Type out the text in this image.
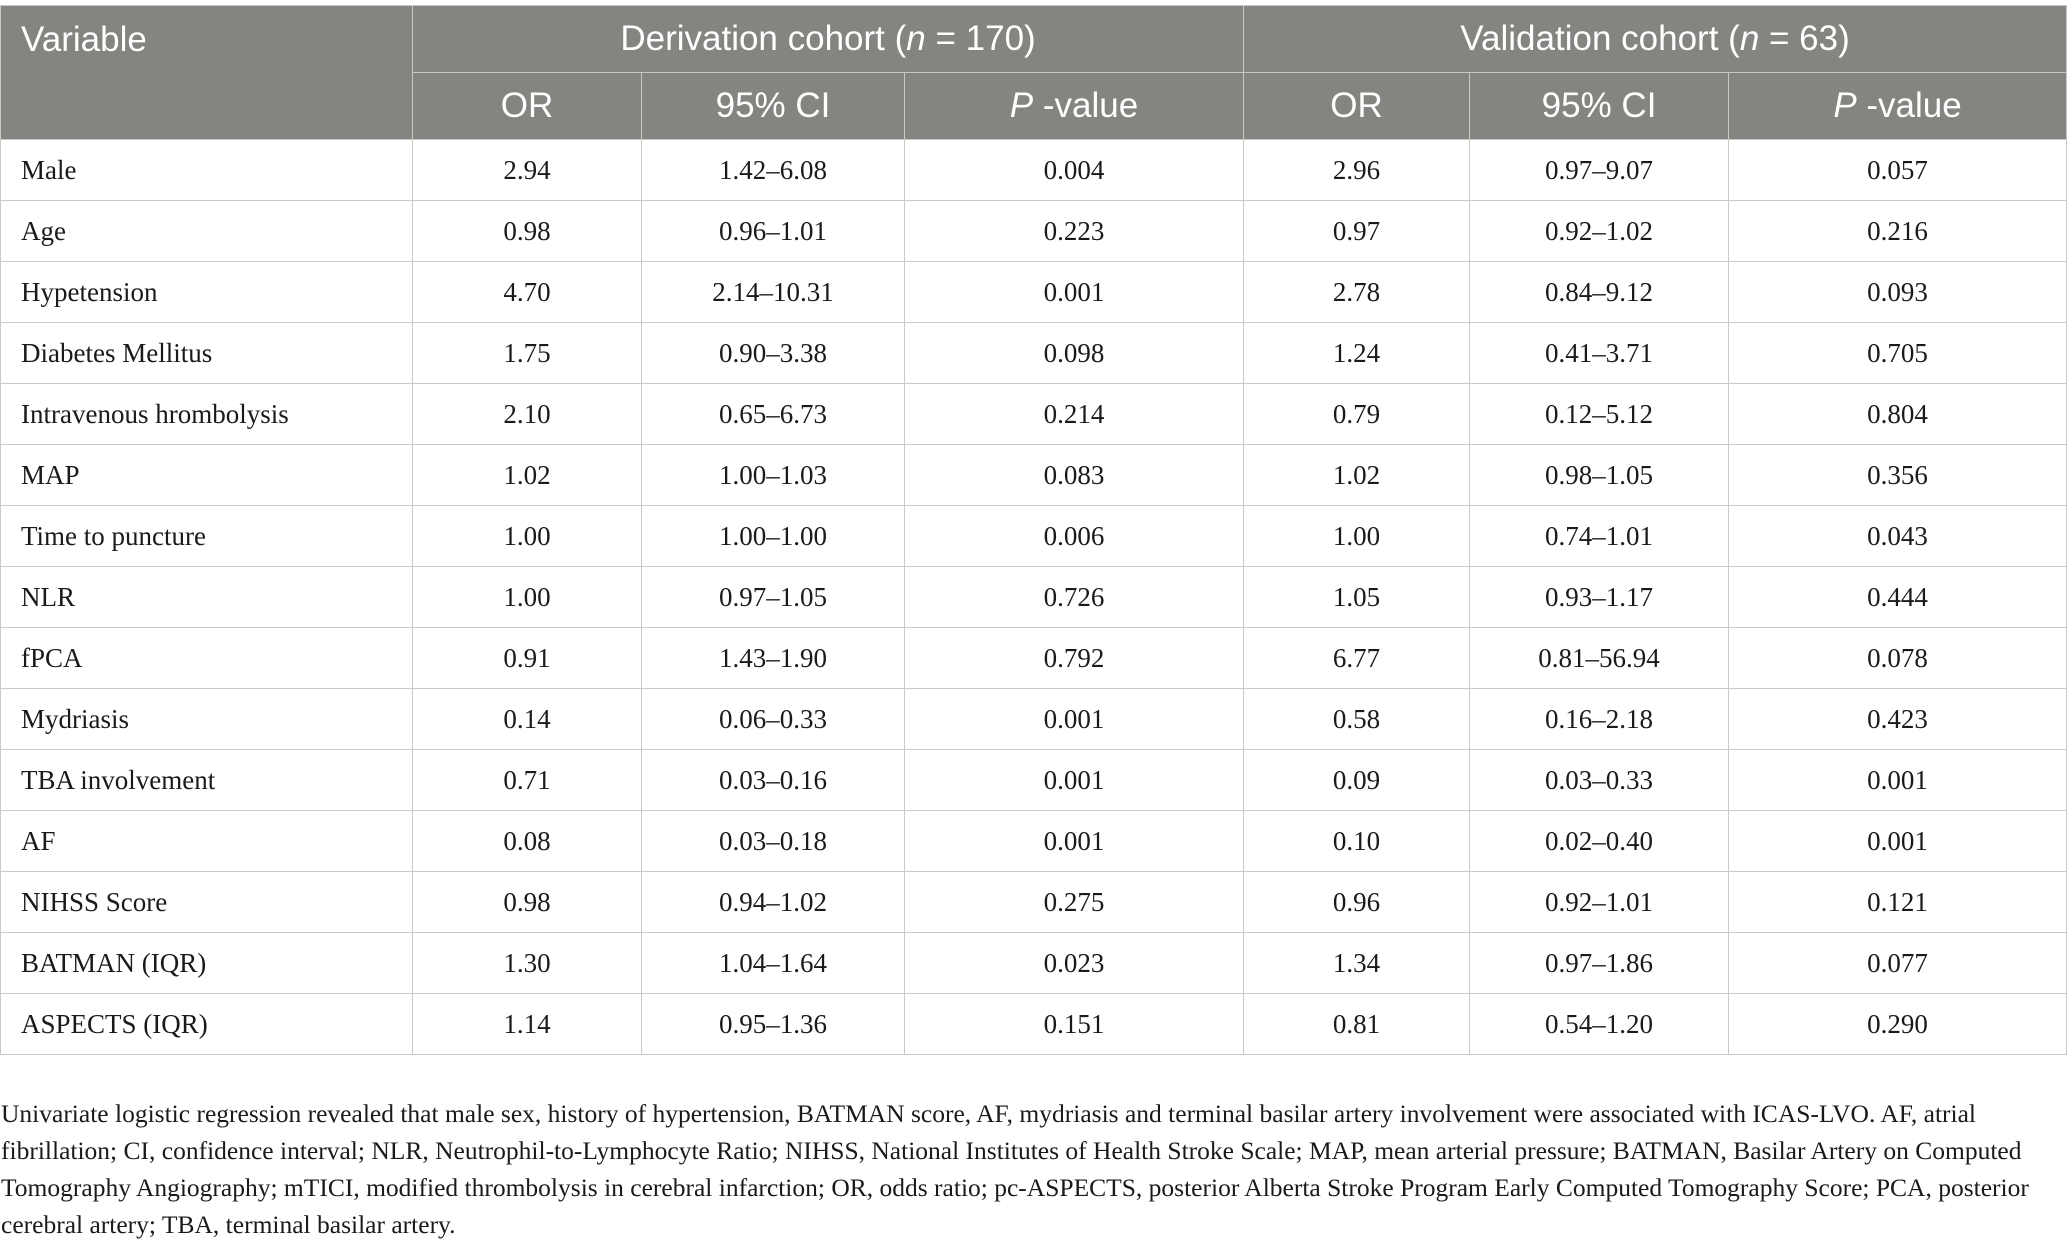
Variable	Derivation cohort (n = 170)			Validation cohort (n = 63)		
	OR	95% CI	P -value	OR	95% CI	P -value
Male	2.94	1.42–6.08	0.004	2.96	0.97–9.07	0.057
Age	0.98	0.96–1.01	0.223	0.97	0.92–1.02	0.216
Hypetension	4.70	2.14–10.31	0.001	2.78	0.84–9.12	0.093
Diabetes Mellitus	1.75	0.90–3.38	0.098	1.24	0.41–3.71	0.705
Intravenous hrombolysis	2.10	0.65–6.73	0.214	0.79	0.12–5.12	0.804
MAP	1.02	1.00–1.03	0.083	1.02	0.98–1.05	0.356
Time to puncture	1.00	1.00–1.00	0.006	1.00	0.74–1.01	0.043
NLR	1.00	0.97–1.05	0.726	1.05	0.93–1.17	0.444
fPCA	0.91	1.43–1.90	0.792	6.77	0.81–56.94	0.078
Mydriasis	0.14	0.06–0.33	0.001	0.58	0.16–2.18	0.423
TBA involvement	0.71	0.03–0.16	0.001	0.09	0.03–0.33	0.001
AF	0.08	0.03–0.18	0.001	0.10	0.02–0.40	0.001
NIHSS Score	0.98	0.94–1.02	0.275	0.96	0.92–1.01	0.121
BATMAN (IQR)	1.30	1.04–1.64	0.023	1.34	0.97–1.86	0.077
ASPECTS (IQR)	1.14	0.95–1.36	0.151	0.81	0.54–1.20	0.290

Univariate logistic regression revealed that male sex, history of hypertension, BATMAN score, AF, mydriasis and terminal basilar artery involvement were associated with ICAS-LVO. AF, atrial fibrillation; CI, confidence interval; NLR, Neutrophil-to-Lymphocyte Ratio; NIHSS, National Institutes of Health Stroke Scale; MAP, mean arterial pressure; BATMAN, Basilar Artery on Computed Tomography Angiography; mTICI, modified thrombolysis in cerebral infarction; OR, odds ratio; pc-ASPECTS, posterior Alberta Stroke Program Early Computed Tomography Score; PCA, posterior cerebral artery; TBA, terminal basilar artery.
